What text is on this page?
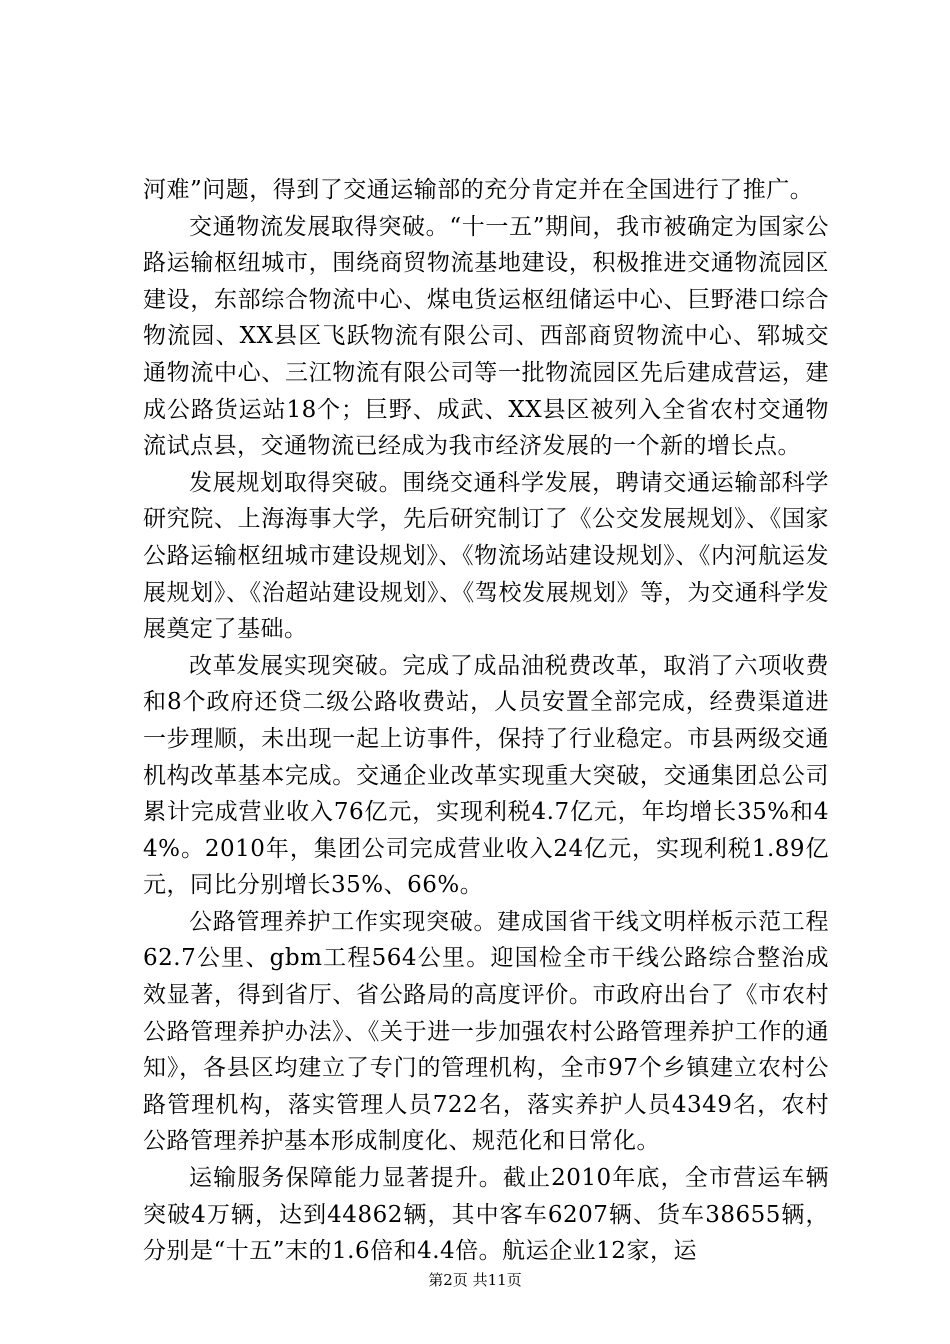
河难”问题，得到了交通运输部的充分肯定并在全国进行了推广。

交通物流发展取得突破。“十一五”期间，我市被确定为国家公路运输枢纽城市，围绕商贸物流基地建设，积极推进交通物流园区建设，东部综合物流中心、煤电货运枢纽储运中心、巨野港口综合物流园、XX县区飞跃物流有限公司、西部商贸物流中心、郓城交通物流中心、三江物流有限公司等一批物流园区先后建成营运，建成公路货运站18个；巨野、成武、XX县区被列入全省农村交通物流试点县，交通物流已经成为我市经济发展的一个新的增长点。

发展规划取得突破。围绕交通科学发展，聘请交通运输部科学研究院、上海海事大学，先后研究制订了《公交发展规划》、《国家公路运输枢纽城市建设规划》、《物流场站建设规划》、《内河航运发展规划》、《治超站建设规划》、《驾校发展规划》等，为交通科学发展奠定了基础。

改革发展实现突破。完成了成品油税费改革，取消了六项收费和8个政府还贷二级公路收费站，人员安置全部完成，经费渠道进一步理顺，未出现一起上访事件，保持了行业稳定。市县两级交通机构改革基本完成。交通企业改革实现重大突破，交通集团总公司累计完成营业收入76亿元，实现利税4.7亿元，年均增长35%和44%。2010年，集团公司完成营业收入24亿元，实现利税1.89亿元，同比分别增长35%、66%。

公路管理养护工作实现突破。建成国省干线文明样板示范工程62.7公里、gbm工程564公里。迎国检全市干线公路综合整治成效显著，得到省厅、省公路局的高度评价。市政府出台了《市农村公路管理养护办法》、《关于进一步加强农村公路管理养护工作的通知》，各县区均建立了专门的管理机构，全市97个乡镇建立农村公路管理机构，落实管理人员722名，落实养护人员4349名，农村公路管理养护基本形成制度化、规范化和日常化。

运输服务保障能力显著提升。截止2010年底，全市营运车辆突破4万辆，达到44862辆，其中客车6207辆、货车38655辆，分别是“十五”末的1.6倍和4.4倍。航运企业12家，运

第2页 共11页
